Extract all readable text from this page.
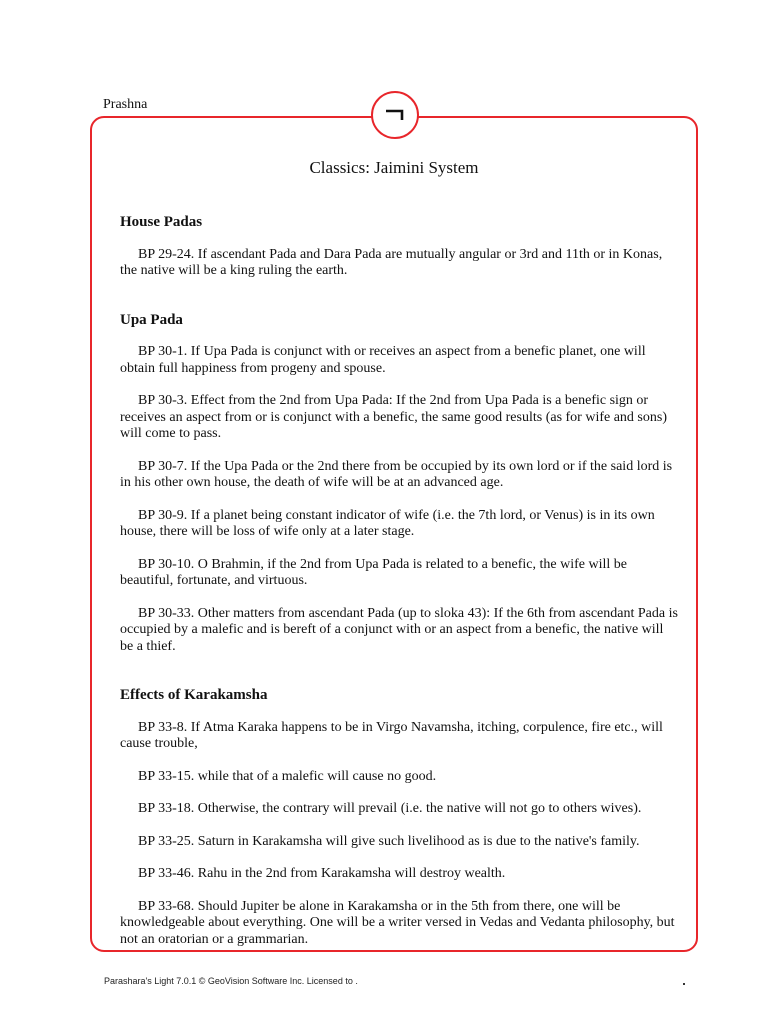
Prashna
Classics: Jaimini System
House Padas

BP 29-24. If ascendant Pada and Dara Pada are mutually angular or 3rd and 11th or in Konas, the native will be a king ruling the earth.

Upa Pada

BP 30-1. If Upa Pada is conjunct with or receives an aspect from a benefic planet, one will obtain full happiness from progeny and spouse.

BP 30-3. Effect from the 2nd from Upa Pada: If the 2nd from Upa Pada is a benefic sign or receives an aspect from or is conjunct with a benefic, the same good results (as for wife and sons) will come to pass.

BP 30-7. If the Upa Pada or the 2nd there from be occupied by its own lord or if the said lord is in his other own house, the death of wife will be at an advanced age.

BP 30-9. If a planet being constant indicator of wife (i.e. the 7th lord, or Venus) is in its own house, there will be loss of wife only at a later stage.

BP 30-10. O Brahmin, if the 2nd from Upa Pada is related to a benefic, the wife will be beautiful, fortunate, and virtuous.

BP 30-33. Other matters from ascendant Pada (up to sloka 43): If the 6th from ascendant Pada is occupied by a malefic and is bereft of a conjunct with or an aspect from a benefic, the native will be a thief.

Effects of Karakamsha

BP 33-8. If Atma Karaka happens to be in Virgo Navamsha, itching, corpulence, fire etc., will cause trouble,

BP 33-15. while that of a malefic will cause no good.

BP 33-18. Otherwise, the contrary will prevail (i.e. the native will not go to others wives).

BP 33-25. Saturn in Karakamsha will give such livelihood as is due to the native's family.

BP 33-46. Rahu in the 2nd from Karakamsha will destroy wealth.

BP 33-68. Should Jupiter be alone in Karakamsha or in the 5th from there, one will be knowledgeable about everything. One will be a writer versed in Vedas and Vedanta philosophy, but not an oratorian or a grammarian.

Parashara's Light 7.0.1 © GeoVision Software Inc. Licensed to .
